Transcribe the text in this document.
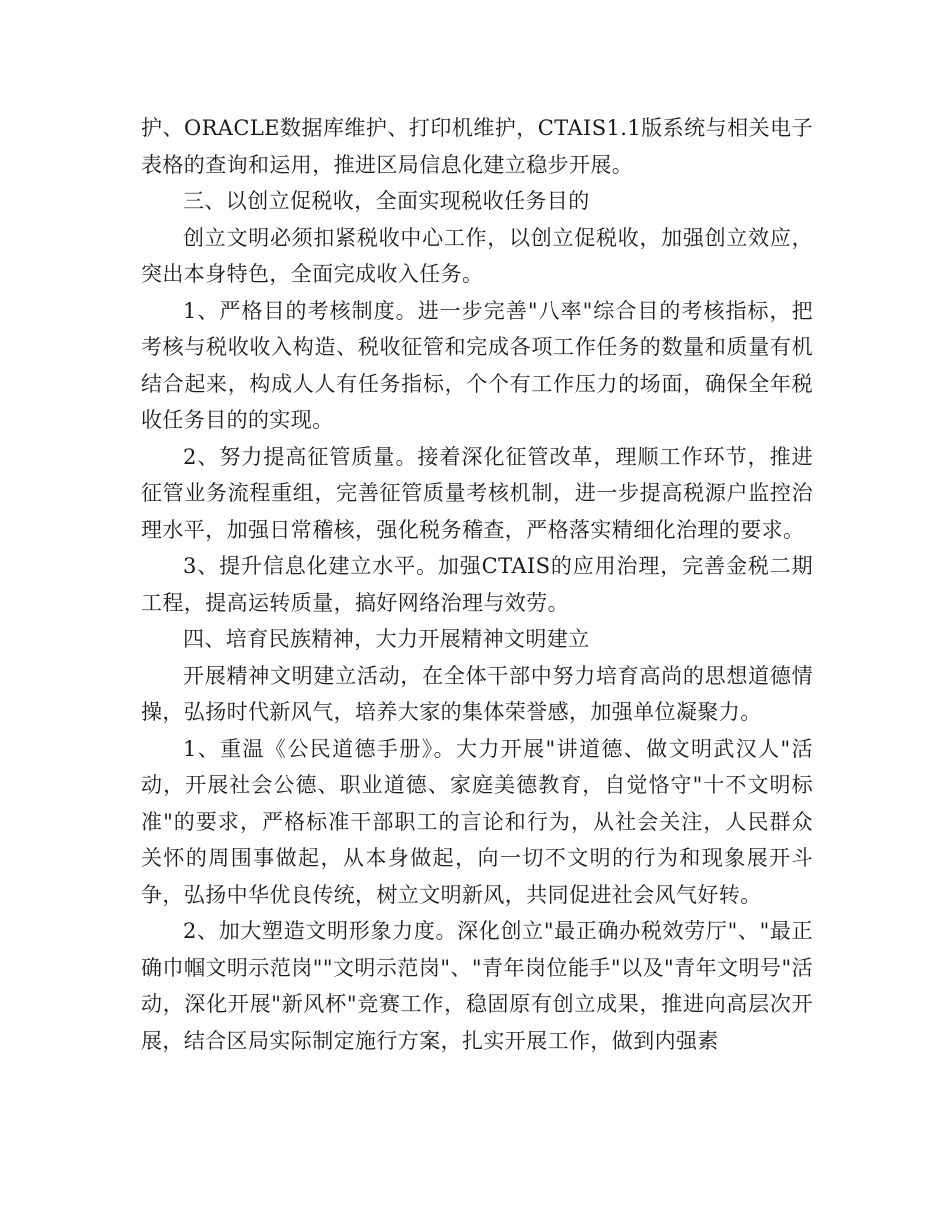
护、ORACLE数据库维护、打印机维护，CTAIS1.1版系统与相关电子表格的查询和运用，推进区局信息化建立稳步开展。

三、以创立促税收，全面实现税收任务目的

创立文明必须扣紧税收中心工作，以创立促税收，加强创立效应，突出本身特色，全面完成收入任务。

1、严格目的考核制度。进一步完善"八率"综合目的考核指标，把考核与税收收入构造、税收征管和完成各项工作任务的数量和质量有机结合起来，构成人人有任务指标，个个有工作压力的场面，确保全年税收任务目的的实现。

2、努力提高征管质量。接着深化征管改革，理顺工作环节，推进征管业务流程重组，完善征管质量考核机制，进一步提高税源户监控治理水平，加强日常稽核，强化税务稽查，严格落实精细化治理的要求。

3、提升信息化建立水平。加强CTAIS的应用治理，完善金税二期工程，提高运转质量，搞好网络治理与效劳。

四、培育民族精神，大力开展精神文明建立

开展精神文明建立活动，在全体干部中努力培育高尚的思想道德情操，弘扬时代新风气，培养大家的集体荣誉感，加强单位凝聚力。

1、重温《公民道德手册》。大力开展"讲道德、做文明武汉人"活动，开展社会公德、职业道德、家庭美德教育，自觉恪守"十不文明标准"的要求，严格标准干部职工的言论和行为，从社会关注，人民群众关怀的周围事做起，从本身做起，向一切不文明的行为和现象展开斗争，弘扬中华优良传统，树立文明新风，共同促进社会风气好转。

2、加大塑造文明形象力度。深化创立"最正确办税效劳厅"、"最正确巾帼文明示范岗""文明示范岗"、"青年岗位能手"以及"青年文明号"活动，深化开展"新风杯"竞赛工作，稳固原有创立成果，推进向高层次开展，结合区局实际制定施行方案，扎实开展工作，做到内强素
